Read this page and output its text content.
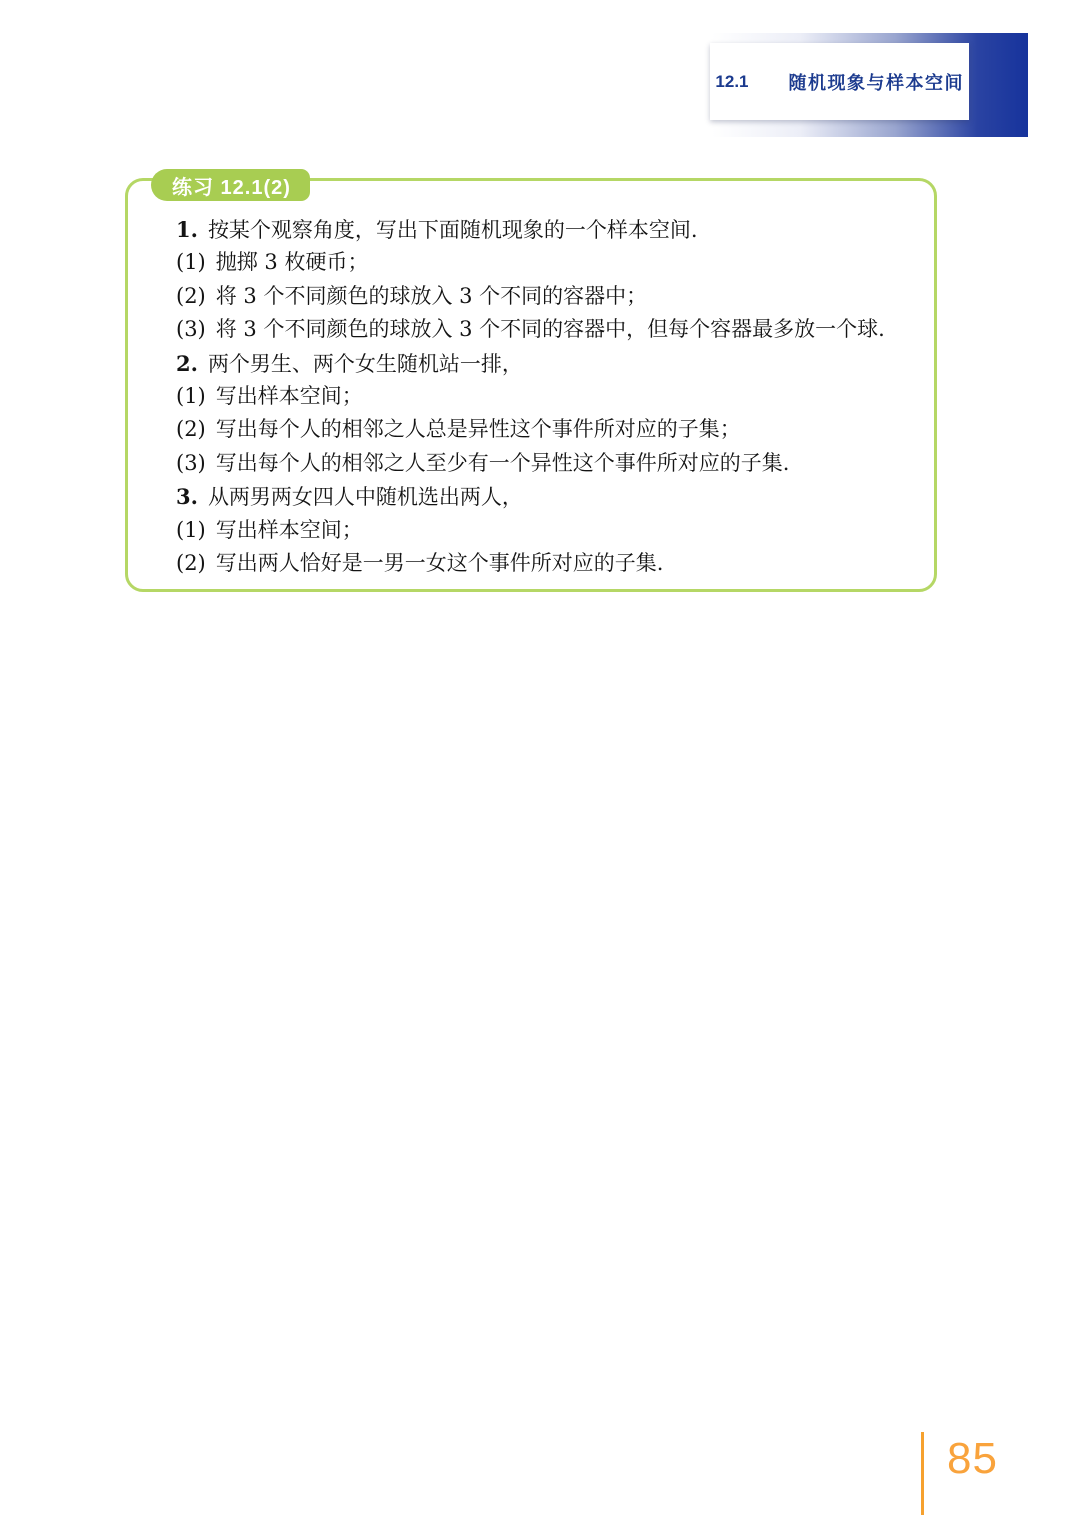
12.1 随机现象与样本空间
练习 12.1(2)
1. 按某个观察角度，写出下面随机现象的一个样本空间.
(1) 抛掷 3 枚硬币；
(2) 将 3 个不同颜色的球放入 3 个不同的容器中；
(3) 将 3 个不同颜色的球放入 3 个不同的容器中，但每个容器最多放一个球.
2. 两个男生、两个女生随机站一排，
(1) 写出样本空间；
(2) 写出每个人的相邻之人总是异性这个事件所对应的子集；
(3) 写出每个人的相邻之人至少有一个异性这个事件所对应的子集.
3. 从两男两女四人中随机选出两人，
(1) 写出样本空间；
(2) 写出两人恰好是一男一女这个事件所对应的子集.
85
